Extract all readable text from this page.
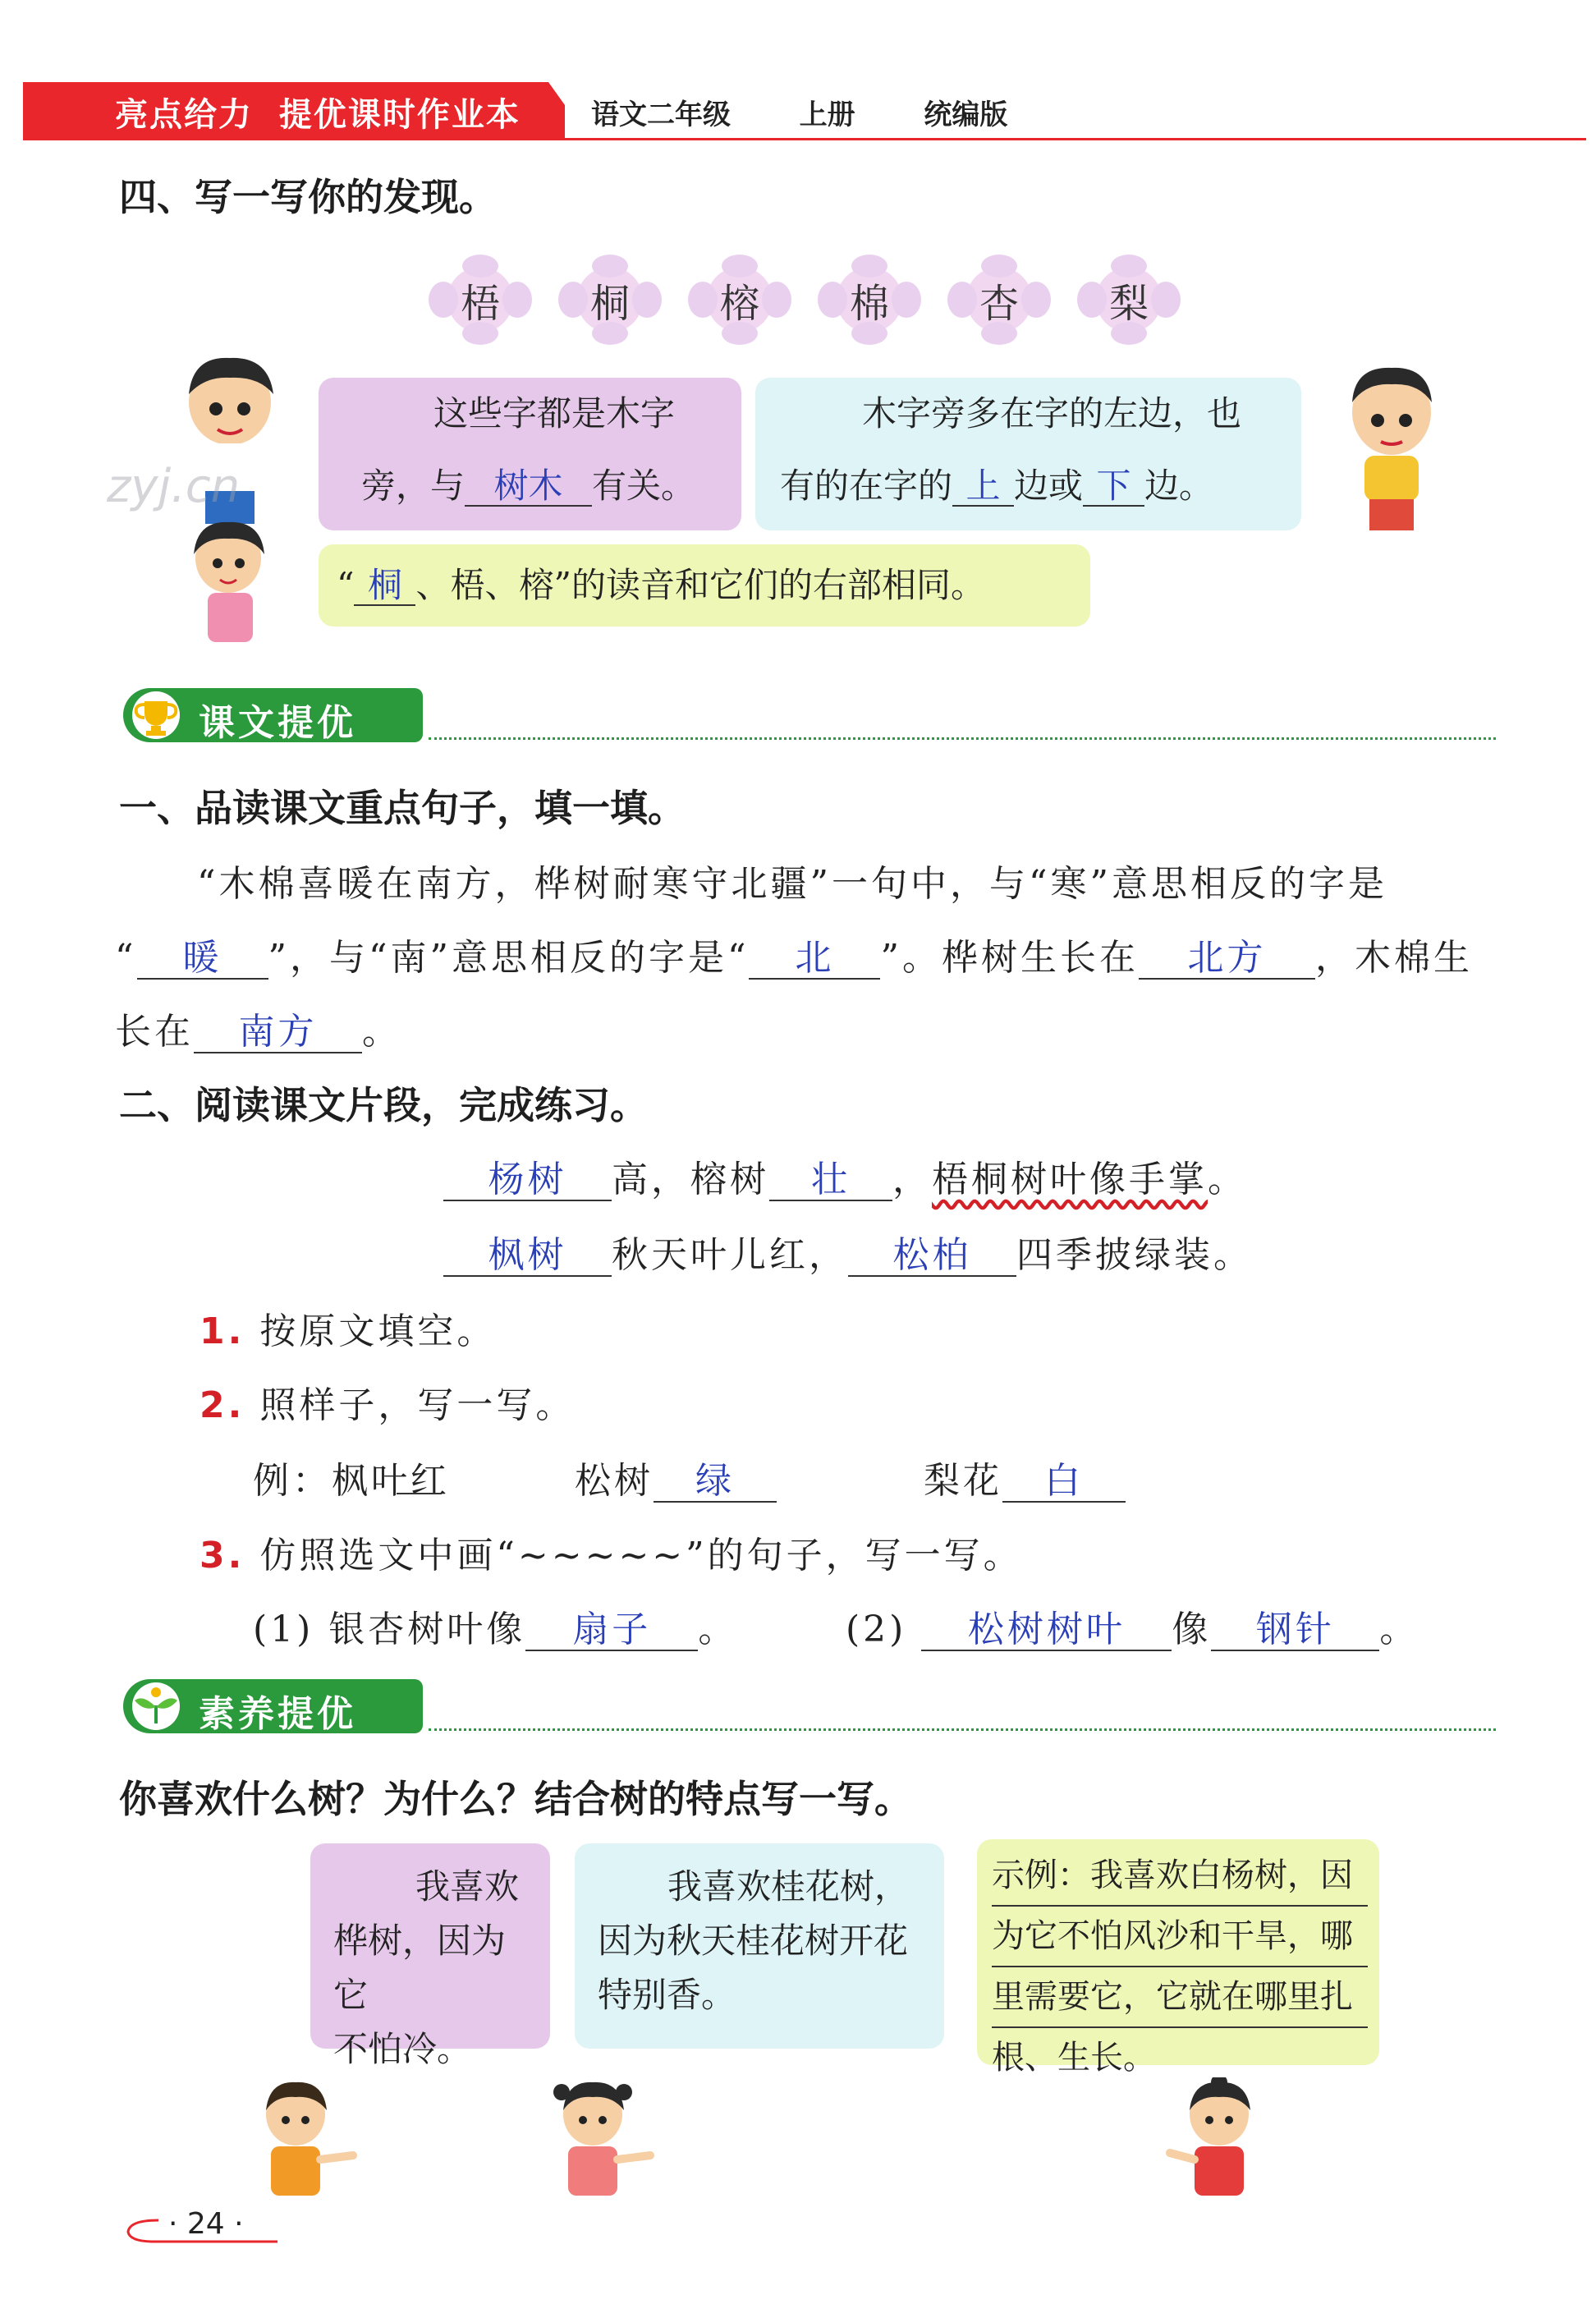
亮点给力  提优课时作业本	语文二年级  上册  统编版
四、写一写你的发现。
梧 桐 榕 棉 杏 梨
这些字都是木字
旁，与 树木 有关。
木字旁多在字的左边，也
有的在字的 上 边或 下 边。
“ 桐 、梧、榕”的读音和它们的右部相同。
zyj.cn
课文提优
一、品读课文重点句子，填一填。
“木棉喜暖在南方，桦树耐寒守北疆”一句中，与“寒”意思相反的字是
“ 暖 ”，与“南”意思相反的字是“ 北 ”。桦树生长在 北方 ，木棉生
长在 南方 。
二、阅读课文片段，完成练习。
杨树 高，榕树 壮 ，梧桐树叶像手掌。
枫树 秋天叶儿红， 松柏 四季披绿装。
1. 按原文填空。
2. 照样子，写一写。
例：枫叶红	松树 绿	梨花 白
3. 仿照选文中画“~~~~~”的句子，写一写。
(1) 银杏树叶像 扇子 。	(2) 松树树叶 像 钢针 。
素养提优
你喜欢什么树？为什么？结合树的特点写一写。
我喜欢
桦树，因为它
不怕冷。
我喜欢桂花树，
因为秋天桂花树开花
特别香。
示例：我喜欢白杨树，因
为它不怕风沙和干旱，哪
里需要它，它就在哪里扎
根、生长。
· 24 ·
